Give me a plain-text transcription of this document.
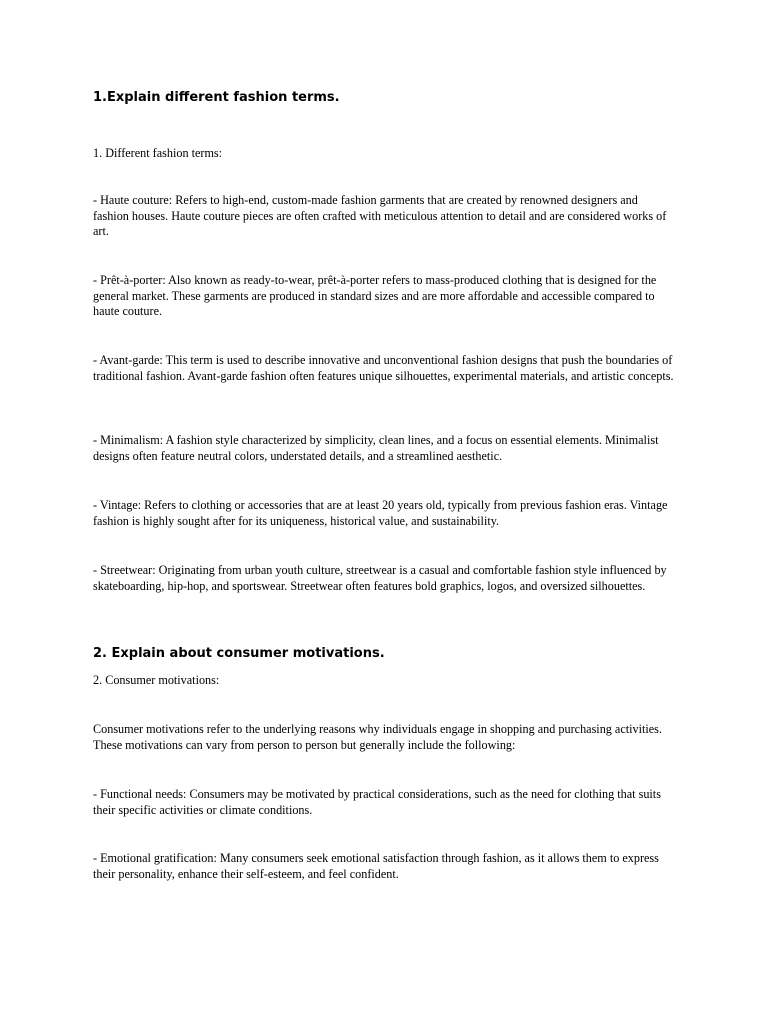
1.Explain different fashion terms.
1. Different fashion terms:
- Haute couture: Refers to high-end, custom-made fashion garments that are created by renowned designers and fashion houses. Haute couture pieces are often crafted with meticulous attention to detail and are considered works of art.
- Prêt-à-porter: Also known as ready-to-wear, prêt-à-porter refers to mass-produced clothing that is designed for the general market. These garments are produced in standard sizes and are more affordable and accessible compared to haute couture.
- Avant-garde: This term is used to describe innovative and unconventional fashion designs that push the boundaries of traditional fashion. Avant-garde fashion often features unique silhouettes, experimental materials, and artistic concepts.
- Minimalism: A fashion style characterized by simplicity, clean lines, and a focus on essential elements. Minimalist designs often feature neutral colors, understated details, and a streamlined aesthetic.
- Vintage: Refers to clothing or accessories that are at least 20 years old, typically from previous fashion eras. Vintage fashion is highly sought after for its uniqueness, historical value, and sustainability.
- Streetwear: Originating from urban youth culture, streetwear is a casual and comfortable fashion style influenced by skateboarding, hip-hop, and sportswear. Streetwear often features bold graphics, logos, and oversized silhouettes.
2. Explain about consumer motivations.
2. Consumer motivations:
Consumer motivations refer to the underlying reasons why individuals engage in shopping and purchasing activities. These motivations can vary from person to person but generally include the following:
- Functional needs: Consumers may be motivated by practical considerations, such as the need for clothing that suits their specific activities or climate conditions.
- Emotional gratification: Many consumers seek emotional satisfaction through fashion, as it allows them to express their personality, enhance their self-esteem, and feel confident.
